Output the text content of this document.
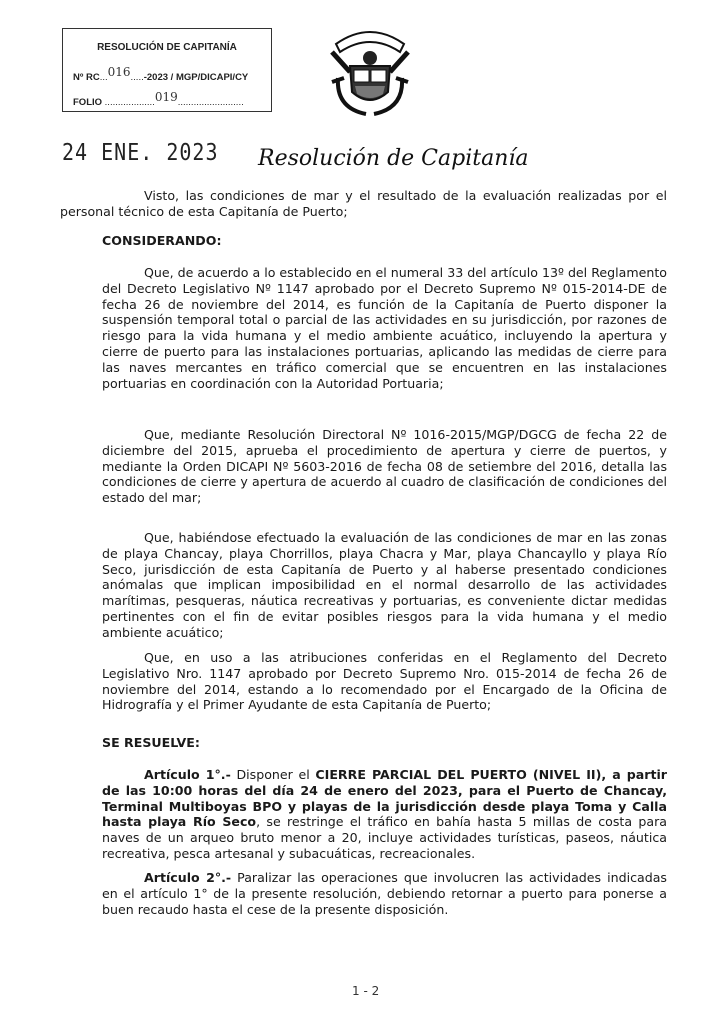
RESOLUCIÓN DE CAPITANÍA
Nº RC...016.....-2023 / MGP/DICAPI/CY
FOLIO ...................019.........................
24 ENE. 2023 Resolución de Capitanía
Visto, las condiciones de mar y el resultado de la evaluación realizadas por el personal técnico de esta Capitanía de Puerto;
CONSIDERANDO:
Que, de acuerdo a lo establecido en el numeral 33 del artículo 13º del Reglamento del Decreto Legislativo Nº 1147 aprobado por el Decreto Supremo Nº 015-2014-DE de fecha 26 de noviembre del 2014, es función de la Capitanía de Puerto disponer la suspensión temporal total o parcial de las actividades en su jurisdicción, por razones de riesgo para la vida humana y el medio ambiente acuático, incluyendo la apertura y cierre de puerto para las instalaciones portuarias, aplicando las medidas de cierre para las naves mercantes en tráfico comercial que se encuentren en las instalaciones portuarias en coordinación con la Autoridad Portuaria;
Que, mediante Resolución Directoral Nº 1016-2015/MGP/DGCG de fecha 22 de diciembre del 2015, aprueba el procedimiento de apertura y cierre de puertos, y mediante la Orden DICAPI Nº 5603-2016 de fecha 08 de setiembre del 2016, detalla las condiciones de cierre y apertura de acuerdo al cuadro de clasificación de condiciones del estado del mar;
Que, habiéndose efectuado la evaluación de las condiciones de mar en las zonas de playa Chancay, playa Chorrillos, playa Chacra y Mar, playa Chancayllo y playa Río Seco, jurisdicción de esta Capitanía de Puerto y al haberse presentado condiciones anómalas que implican imposibilidad en el normal desarrollo de las actividades marítimas, pesqueras, náutica recreativas y portuarias, es conveniente dictar medidas pertinentes con el fin de evitar posibles riesgos para la vida humana y el medio ambiente acuático;
Que, en uso a las atribuciones conferidas en el Reglamento del Decreto Legislativo Nro. 1147 aprobado por Decreto Supremo Nro. 015-2014 de fecha 26 de noviembre del 2014, estando a lo recomendado por el Encargado de la Oficina de Hidrografía y el Primer Ayudante de esta Capitanía de Puerto;
SE RESUELVE:
Artículo 1°.- Disponer el CIERRE PARCIAL DEL PUERTO (NIVEL II), a partir de las 10:00 horas del día 24 de enero del 2023, para el Puerto de Chancay, Terminal Multiboyas BPO y playas de la jurisdicción desde playa Toma y Calla hasta playa Río Seco, se restringe el tráfico en bahía hasta 5 millas de costa para naves de un arqueo bruto menor a 20, incluye actividades turísticas, paseos, náutica recreativa, pesca artesanal y subacuáticas, recreacionales.
Artículo 2°.- Paralizar las operaciones que involucren las actividades indicadas en el artículo 1° de la presente resolución, debiendo retornar a puerto para ponerse a buen recaudo hasta el cese de la presente disposición.
1 - 2
